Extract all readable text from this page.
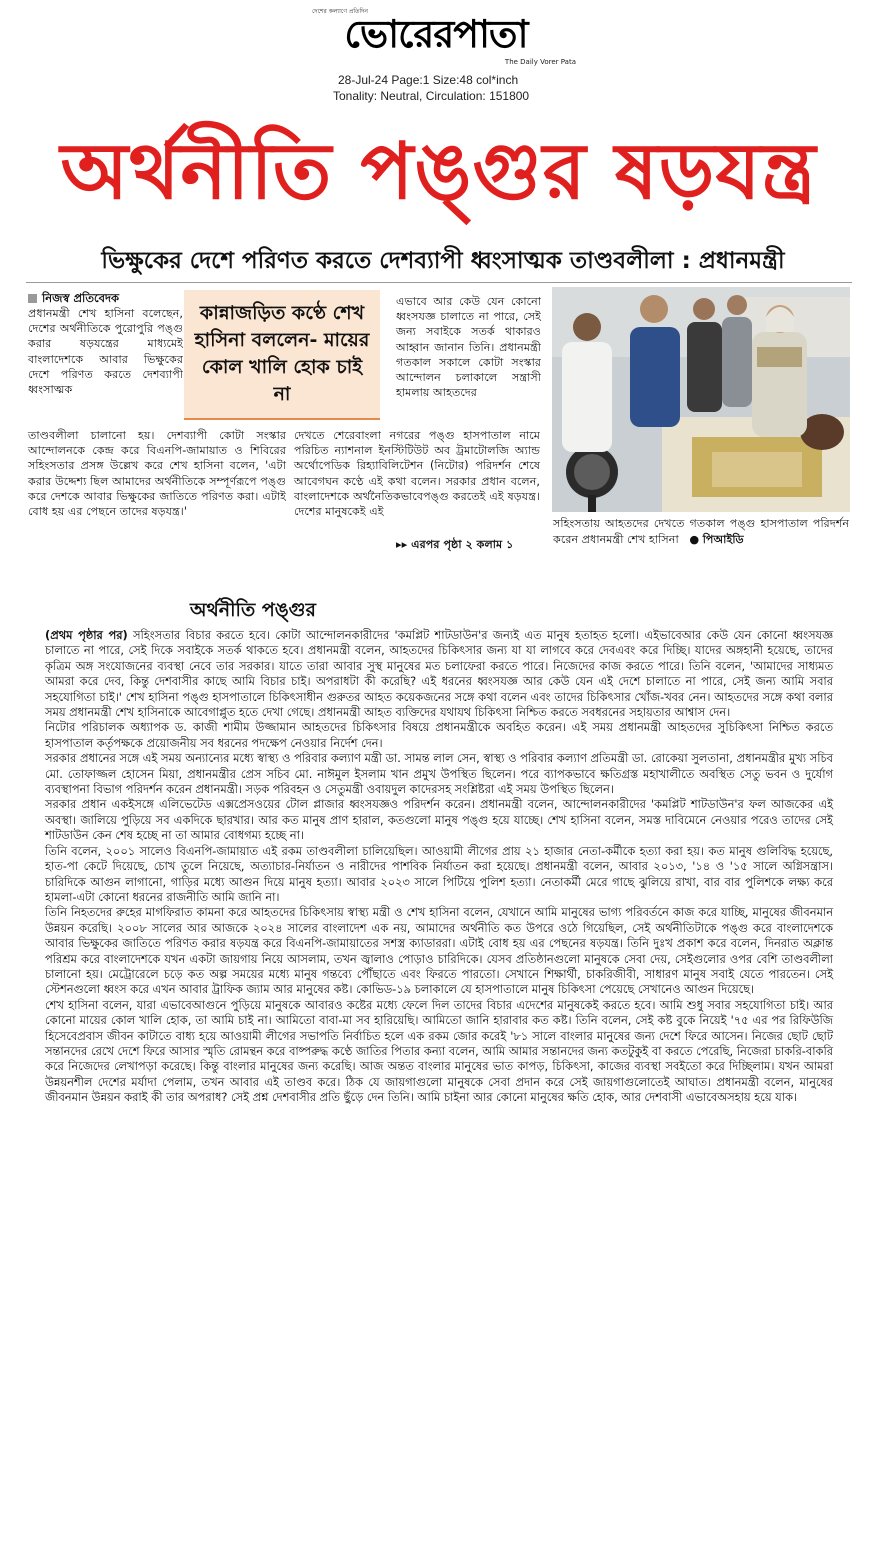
দেশের কল্যাণে প্রতিদিন
ভোরেরপাতা
The Daily Vorer Pata
28-Jul-24 Page:1 Size:48 col*inch
Tonality: Neutral, Circulation: 151800
অর্থনীতি পঙ্গুর ষড়যন্ত্র
ভিক্ষুকের দেশে পরিণত করতে দেশব্যাপী ধ্বংসাত্মক তাণ্ডবলীলা : প্রধানমন্ত্রী
নিজস্ব প্রতিবেদক

প্রধানমন্ত্রী শেখ হাসিনা বলেছেন, দেশের অর্থনীতিকে পুরোপুরি পঙ্গু করার ষড়যন্ত্রের মাধ্যমেই বাংলাদেশকে আবার ভিক্ষুকের দেশে পরিণত করতে দেশব্যাপী ধ্বংসাত্মক

তাণ্ডবলীলা চালানো হয়। দেশব্যাপী কোটা সংস্কার আন্দোলনকে কেন্দ্র করে বিএনপি-জামায়াত ও শিবিরের সহিংসতার প্রসঙ্গ উল্লেখ করে শেখ হাসিনা বলেন, 'এটা করার উদ্দেশ্য ছিল আমাদের অর্থনীতিকে সম্পূর্ণরূপে পঙ্গু করে দেশকে আবার ভিক্ষুকের জাতিতে পরিণত করা। এটাই বোধ হয় এর পেছনে তাদের ষড়যন্ত্র।'

কান্নাজড়িত কণ্ঠে শেখ হাসিনা বললেন- মায়ের কোল খালি হোক চাই না

এভাবে আর কেউ যেন কোনো ধ্বংসযজ্ঞ চালাতে না পারে, সেই জন্য সবাইকে সতর্ক থাকারও আহ্বান জানান তিনি। প্রধানমন্ত্রী গতকাল সকালে কোটা সংস্কার আন্দোলন চলাকালে সন্ত্রাসী হামলায় আহতদের

দেখতে শেরেবাংলা নগরের পঙ্গু হাসপাতাল নামে পরিচিত ন্যাশনাল ইনস্টিটিউট অব ট্রমাটোলজি অ্যান্ড অর্থোপেডিক রিহ্যাবিলিটেশন (নিটোর) পরিদর্শন শেষে আবেগঘন কণ্ঠে এই কথা বলেন। সরকার প্রধান বলেন, বাংলাদেশকে অর্থনৈতিকভাবেপঙ্গু করতেই এই ষড়যন্ত্র। দেশের মানুষকেই এই

▸▸ এরপর পৃষ্ঠা ২ কলাম ১
সহিংসতায় আহতদের দেখতে গতকাল পঙ্গু হাসপাতাল পরিদর্শন করেন প্রধানমন্ত্রী শেখ হাসিনা   ● পিআইডি
অর্থনীতি পঙ্গুর

(প্রথম পৃষ্ঠার পর) সহিংসতার বিচার করতে হবে। কোটা আন্দোলনকারীদের 'কমপ্লিট শাটডাউন'র জন্যই এত মানুষ হতাহত হলো। এইভাবেআর কেউ যেন কোনো ধ্বংসযজ্ঞ চালাতে না পারে, সেই দিকে সবাইকে সতর্ক থাকতে হবে। প্রধানমন্ত্রী বলেন, আহতদের চিকিৎসার জন্য যা যা লাগবে করে দেবএবং করে দিচ্ছি। যাদের অঙ্গহানী হয়েছে, তাদের কৃত্রিম অঙ্গ সংযোজনের ব্যবস্থা নেবে তার সরকার। যাতে তারা আবার সুস্থ মানুষের মত চলাফেরা করতে পারে। নিজেদের কাজ করতে পারে। তিনি বলেন, 'আমাদের সাধ্যমত আমরা করে দেব, কিন্তু দেশবাসীর কাছে আমি বিচার চাই। অপরাধটা কী করেছি? এই ধরনের ধ্বংসযজ্ঞ আর কেউ যেন এই দেশে চালাতে না পারে, সেই জন্য আমি সবার সহযোগিতা চাই।' শেখ হাসিনা পঙ্গু হাসপাতালে চিকিৎসাধীন গুরুতর আহত কয়েকজনের সঙ্গে কথা বলেন এবং তাদের চিকিৎসার খোঁজ-খবর নেন। আহতদের সঙ্গে কথা বলার সময় প্রধানমন্ত্রী শেখ হাসিনাকে আবেগাপ্লুত হতে দেখা গেছে। প্রধানমন্ত্রী আহত ব্যক্তিদের যথাযথ চিকিৎসা নিশ্চিত করতে সবধরনের সহায়তার আশ্বাস দেন।

নিটোর পরিচালক অধ্যাপক ড. কাজী শামীম উজ্জামান আহতদের চিকিৎসার বিষয়ে প্রধানমন্ত্রীকে অবহিত করেন। এই সময় প্রধানমন্ত্রী আহতদের সুচিকিৎসা নিশ্চিত করতে হাসপাতাল কর্তৃপক্ষকে প্রয়োজনীয় সব ধরনের পদক্ষেপ নেওয়ার নির্দেশ দেন।

সরকার প্রধানের সঙ্গে এই সময় অন্যান্যের মধ্যে স্বাস্থ্য ও পরিবার কল্যাণ মন্ত্রী ডা. সামন্ত লাল সেন, স্বাস্থ্য ও পরিবার কল্যাণ প্রতিমন্ত্রী ডা. রোকেয়া সুলতানা, প্রধানমন্ত্রীর মুখ্য সচিব মো. তোফাজ্জল হোসেন মিয়া, প্রধানমন্ত্রীর প্রেস সচিব মো. নাঈমুল ইসলাম খান প্রমুখ উপস্থিত ছিলেন। পরে ব্যাপকভাবে ক্ষতিগ্রস্ত মহাখালীতে অবস্থিত সেতু ভবন ও দুর্যোগ ব্যবস্থাপনা বিভাগ পরিদর্শন করেন প্রধানমন্ত্রী। সড়ক পরিবহন ও সেতুমন্ত্রী ওবায়দুল কাদেরসহ সংশ্লিষ্টরা এই সময় উপস্থিত ছিলেন।

সরকার প্রধান একইসঙ্গে এলিভেটেড এক্সপ্রেসওয়ের টোল প্লাজার ধ্বংসযজ্ঞও পরিদর্শন করেন। প্রধানমন্ত্রী বলেন, আন্দোলনকারীদের 'কমপ্লিট শাটডাউন'র ফল আজকের এই অবস্থা। জালিয়ে পুড়িয়ে সব একদিকে ছারখার। আর কত মানুষ প্রাণ হারাল, কতগুলো মানুষ পঙ্গু হয়ে যাচ্ছে। শেখ হাসিনা বলেন, সমস্ত দাবিমেনে নেওয়ার পরেও তাদের সেই শাটডাউন কেন শেষ হচ্ছে না তা আমার বোধগম্য হচ্ছে না।

তিনি বলেন, ২০০১ সালেও বিএনপি-জামায়াত এই রকম তাণ্ডবলীলা চালিয়েছিল। আওয়ামী লীগের প্রায় ২১ হাজার নেতা-কর্মীকে হত্যা করা হয়। কত মানুষ গুলিবিদ্ধ হয়েছে, হাত-পা কেটে দিয়েছে, চোখ তুলে নিয়েছে, অত্যাচার-নির্যাতন ও নারীদের পাশবিক নির্যাতন করা হয়েছে। প্রধানমন্ত্রী বলেন, আবার ২০১৩, '১৪ ও '১৫ সালে অগ্নিসন্ত্রাস। চারিদিকে আগুন লাগানো, গাড়ির মধ্যে আগুন দিয়ে মানুষ হত্যা। আবার ২০২৩ সালে পিটিয়ে পুলিশ হত্যা। নেতাকর্মী মেরে গাছে ঝুলিয়ে রাখা, বার বার পুলিশকে লক্ষ্য করে হামলা-এটা কোনো ধরনের রাজনীতি আমি জানি না।

তিনি নিহতদের রুহের মাগফিরাত কামনা করে আহতদের চিকিৎসায় স্বাস্থ্য মন্ত্রী ও শেখ হাসিনা বলেন, যেখানে আমি মানুষের ভাগ্য পরিবর্তনে কাজ করে যাচ্ছি, মানুষের জীবনমান উন্নয়ন করেছি। ২০০৮ সালের আর আজকে ২০২৪ সালের বাংলাদেশ এক নয়, আমাদের অর্থনীতি কত উপরে ওঠে গিয়েছিল, সেই অর্থনীতিটাকে পঙ্গু করে বাংলাদেশকে আবার ভিক্ষুকের জাতিতে পরিণত করার ষড়যন্ত্র করে বিএনপি-জামায়াতের সশস্ত্র ক্যাডাররা। এটাই বোধ হয় এর পেছনের ষড়যন্ত্র। তিনি দুঃখ প্রকাশ করে বলেন, দিনরাত অক্লান্ত পরিশ্রম করে বাংলাদেশকে যখন একটা জায়গায় নিয়ে আসলাম, তখন জ্বালাও পোড়াও চারিদিকে। যেসব প্রতিষ্ঠানগুলো মানুষকে সেবা দেয়, সেইগুলোর ওপর বেশি তাণ্ডবলীলা চালানো হয়। মেট্রোরেলে চড়ে কত অল্প সময়ের মধ্যে মানুষ গন্তব্যে পৌঁছাতে এবং ফিরতে পারতো। সেখানে শিক্ষার্থী, চাকরিজীবী, সাধারণ মানুষ সবাই যেতে পারতেন। সেই স্টেশনগুলো ধ্বংস করে এখন আবার ট্রাফিক জ্যাম আর মানুষের কষ্ট। কোভিড-১৯ চলাকালে যে হাসপাতালে মানুষ চিকিৎসা পেয়েছে সেখানেও আগুন দিয়েছে।

শেখ হাসিনা বলেন, যারা এভাবেআগুনে পুড়িয়ে মানুষকে আবারও কষ্টের মধ্যে ফেলে দিল তাদের বিচার এদেশের মানুষকেই করতে হবে। আমি শুধু সবার সহযোগিতা চাই। আর কোনো মায়ের কোল খালি হোক, তা আমি চাই না। আমিতো বাবা-মা সব হারিয়েছি। আমিতো জানি হারাবার কত কষ্ট। তিনি বলেন, সেই কষ্ট বুকে নিয়েই '৭৫ এর পর রিফিউজি হিসেবেপ্রবাস জীবন কাটাতে বাধ্য হয়ে আওয়ামী লীগের সভাপতি নির্বাচিত হলে এক রকম জোর করেই '৮১ সালে বাংলার মানুষের জন্য দেশে ফিরে আসেন। নিজের ছোট ছোট সন্তানদের রেখে দেশে ফিরে আসার স্মৃতি রোমন্থন করে বাষ্পরুদ্ধ কণ্ঠে জাতির পিতার কন্যা বলেন, আমি আমার সন্তানদের জন্য কতটুকুই বা করতে পেরেছি, নিজেরা চাকরি-বাকরি করে নিজেদের লেখাপড়া করেছে। কিন্তু বাংলার মানুষের জন্য করেছি। আজ অন্তত বাংলার মানুষের ভাত কাপড়, চিকিৎসা, কাজের ব্যবস্থা সবইতো করে দিচ্ছিলাম। যখন আমরা উন্নয়নশীল দেশের মর্যাদা পেলাম, তখন আবার এই তাণ্ডব করে। ঠিক যে জায়গাগুলো মানুষকে সেবা প্রদান করে সেই জায়গাগুলোতেই আঘাত। প্রধানমন্ত্রী বলেন, মানুষের জীবনমান উন্নয়ন করাই কী তার অপরাধ? সেই প্রশ্ন দেশবাসীর প্রতি ছুঁড়ে দেন তিনি। আমি চাইনা আর কোনো মানুষের ক্ষতি হোক, আর দেশবাসী এভাবেঅসহায় হয়ে যাক।
